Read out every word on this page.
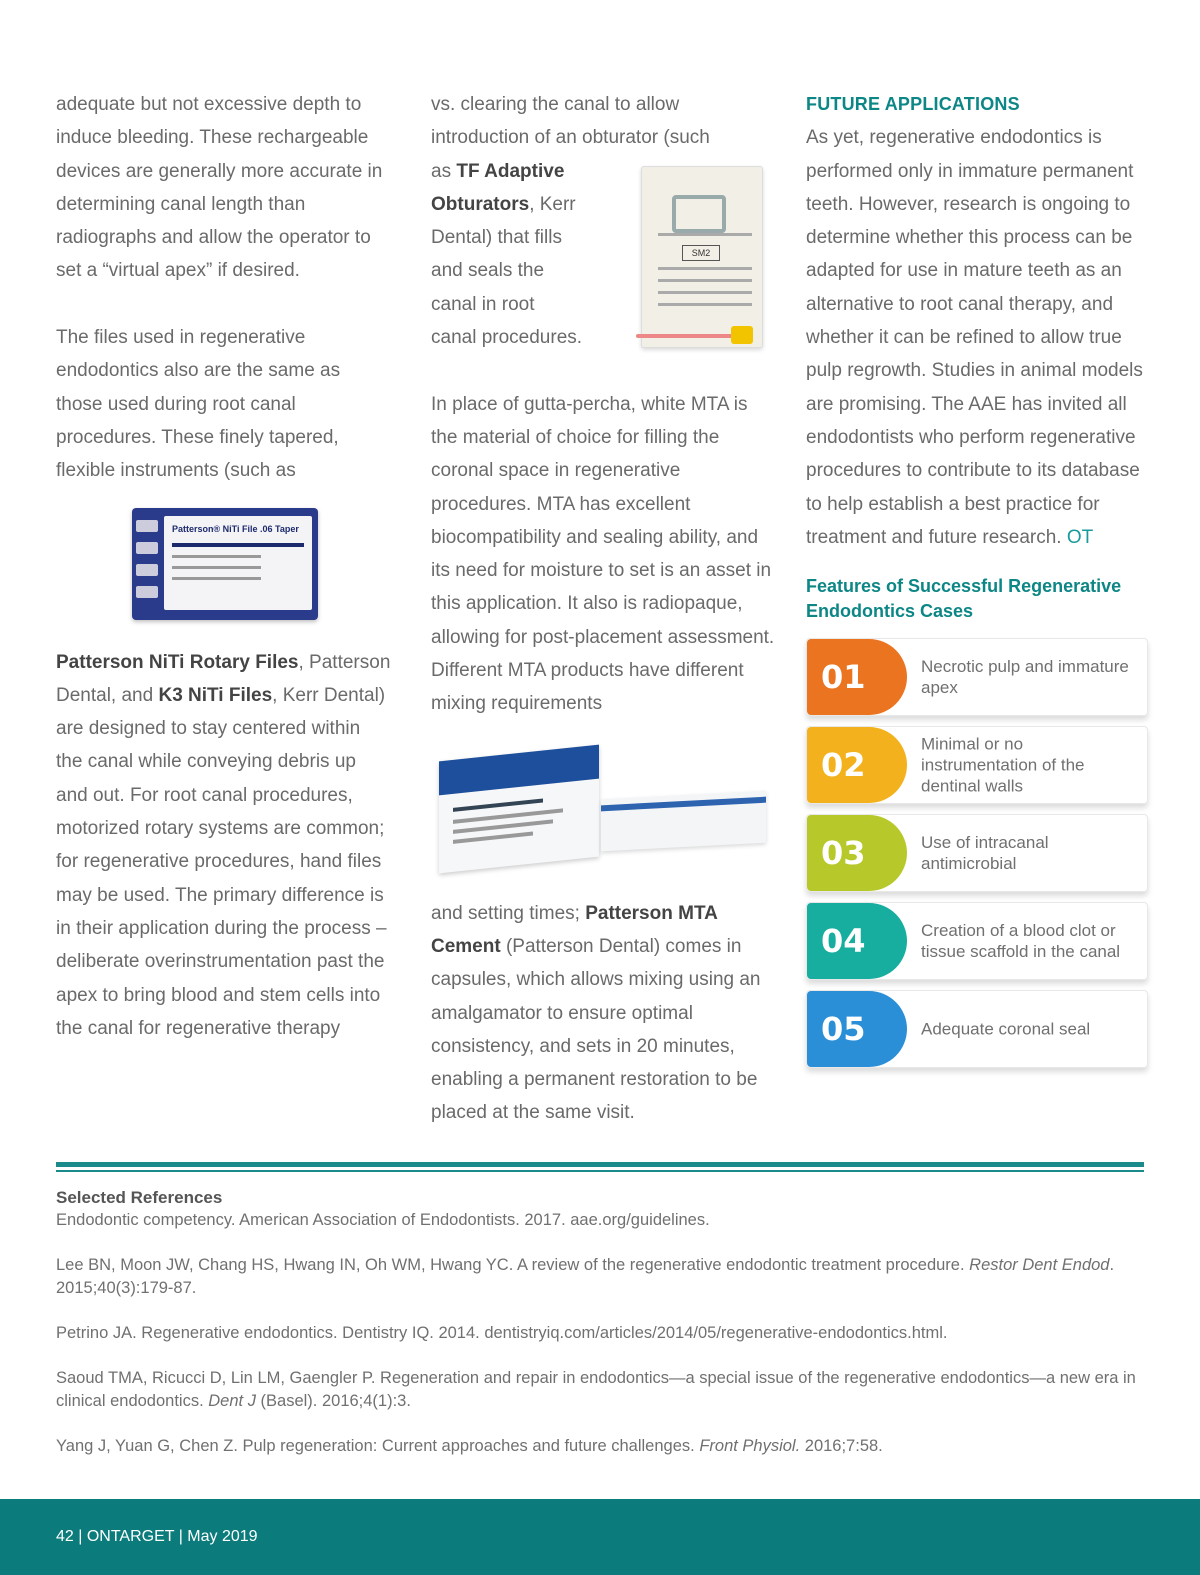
adequate but not excessive depth to induce bleeding. These rechargeable devices are generally more accurate in determining canal length than radiographs and allow the operator to set a “virtual apex” if desired.

The files used in regenerative endodontics also are the same as those used during root canal procedures. These finely tapered, flexible instruments (such as

Patterson® NiTi File .06 Taper

Patterson NiTi Rotary Files, Patterson Dental, and K3 NiTi Files, Kerr Dental) are designed to stay centered within the canal while conveying debris up and out. For root canal procedures, motorized rotary systems are common; for regenerative procedures, hand files may be used. The primary difference is in their application during the process – deliberate overinstrumentation past the apex to bring blood and stem cells into the canal for regenerative therapy

vs. clearing the canal to allow

introduction of an obturator (such

as TF Adaptive

Obturators, Kerr

Dental) that fills

and seals the

canal in root

canal procedures.

SM2

In place of gutta-percha, white MTA is the material of choice for filling the coronal space in regenerative procedures. MTA has excellent biocompatibility and sealing ability, and its need for moisture to set is an asset in this application. It also is radiopaque, allowing for post-placement assessment. Different MTA products have different mixing requirements

and setting times; Patterson MTA Cement (Patterson Dental) comes in capsules, which allows mixing using an amalgamator to ensure optimal consistency, and sets in 20 minutes, enabling a permanent restoration to be placed at the same visit.

FUTURE APPLICATIONS

As yet, regenerative endodontics is performed only in immature permanent teeth. However, research is ongoing to determine whether this process can be adapted for use in mature teeth as an alternative to root canal therapy, and whether it can be refined to allow true pulp regrowth. Studies in animal models are promising. The AAE has invited all endodontists who perform regenerative procedures to contribute to its database to help establish a best practice for treatment and future research. OT

Features of Successful Regenerative Endodontics Cases
01	Necrotic pulp and immature apex
02
Minimal or no instrumentation of the dentinal walls
03	Use of intracanal antimicrobial
04	Creation of a blood clot or tissue scaffold in the canal
05	Adequate coronal seal
Selected References

Endodontic competency. American Association of Endodontists. 2017. aae.org/guidelines.

Lee BN, Moon JW, Chang HS, Hwang IN, Oh WM, Hwang YC. A review of the regenerative endodontic treatment procedure. Restor Dent Endod. 2015;40(3):179-87.

Petrino JA. Regenerative endodontics. Dentistry IQ. 2014. dentistryiq.com/articles/2014/05/regenerative-endodontics.html.

Saoud TMA, Ricucci D, Lin LM, Gaengler P. Regeneration and repair in endodontics—a special issue of the regenerative endodontics—a new era in clinical endodontics. Dent J (Basel). 2016;4(1):3.

Yang J, Yuan G, Chen Z. Pulp regeneration: Current approaches and future challenges. Front Physiol. 2016;7:58.

42 | ONTARGET | May 2019
